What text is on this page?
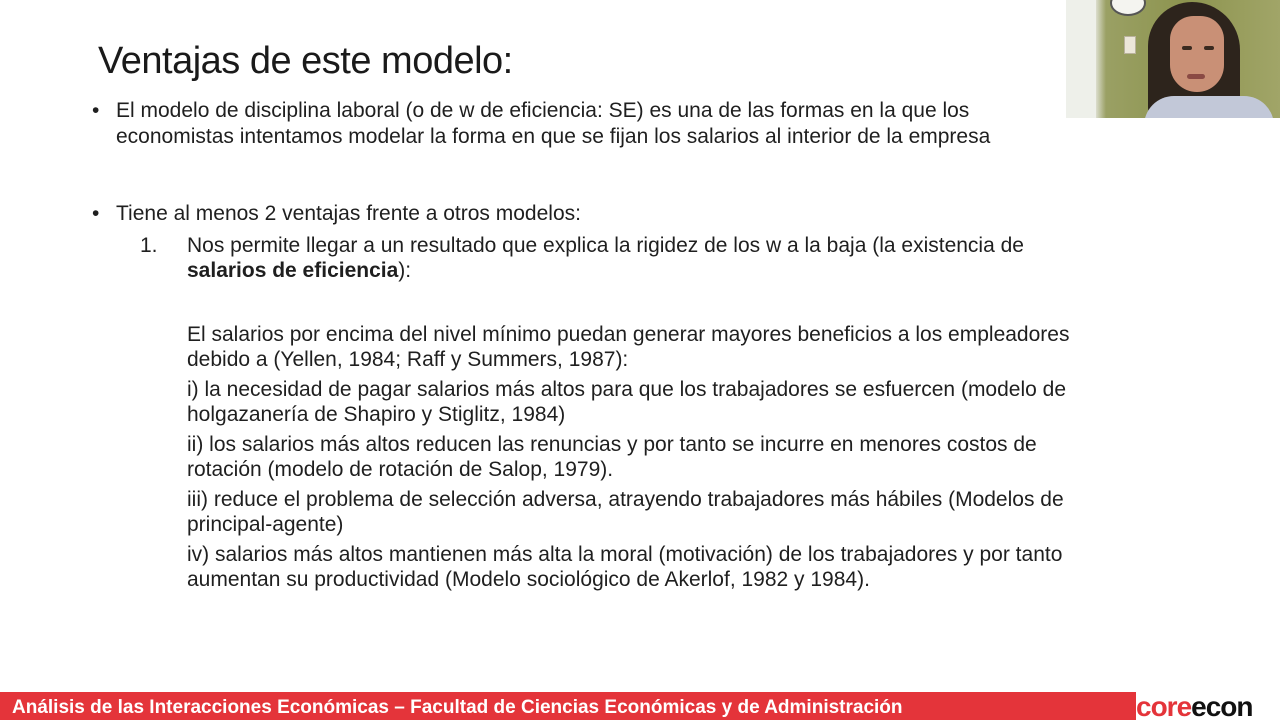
Ventajas de este modelo:
• El modelo de disciplina laboral (o de w de eficiencia: SE) es una de las formas en la que los
economistas intentamos modelar la forma en que se fijan los salarios al interior de la empresa
• Tiene al menos 2 ventajas frente a otros modelos:
1. Nos permite llegar a un resultado que explica la rigidez de los w a la baja (la existencia de
salarios de eficiencia):
El salarios por encima del nivel mínimo puedan generar mayores beneficios a los empleadores
debido a (Yellen, 1984; Raff y Summers, 1987):
i) la necesidad de pagar salarios más altos para que los trabajadores se esfuercen (modelo de
holgazanería de Shapiro y Stiglitz, 1984)
ii) los salarios más altos reducen las renuncias y por tanto se incurre en menores costos de
rotación (modelo de rotación de Salop, 1979).
iii) reduce el problema de selección adversa, atrayendo trabajadores más hábiles (Modelos de
principal-agente)
iv) salarios más altos mantienen más alta la moral (motivación) de los trabajadores y por tanto
aumentan su productividad (Modelo sociológico de Akerlof, 1982 y 1984).
Análisis de las Interacciones Económicas – Facultad de Ciencias Económicas y de Administración	coreecon
